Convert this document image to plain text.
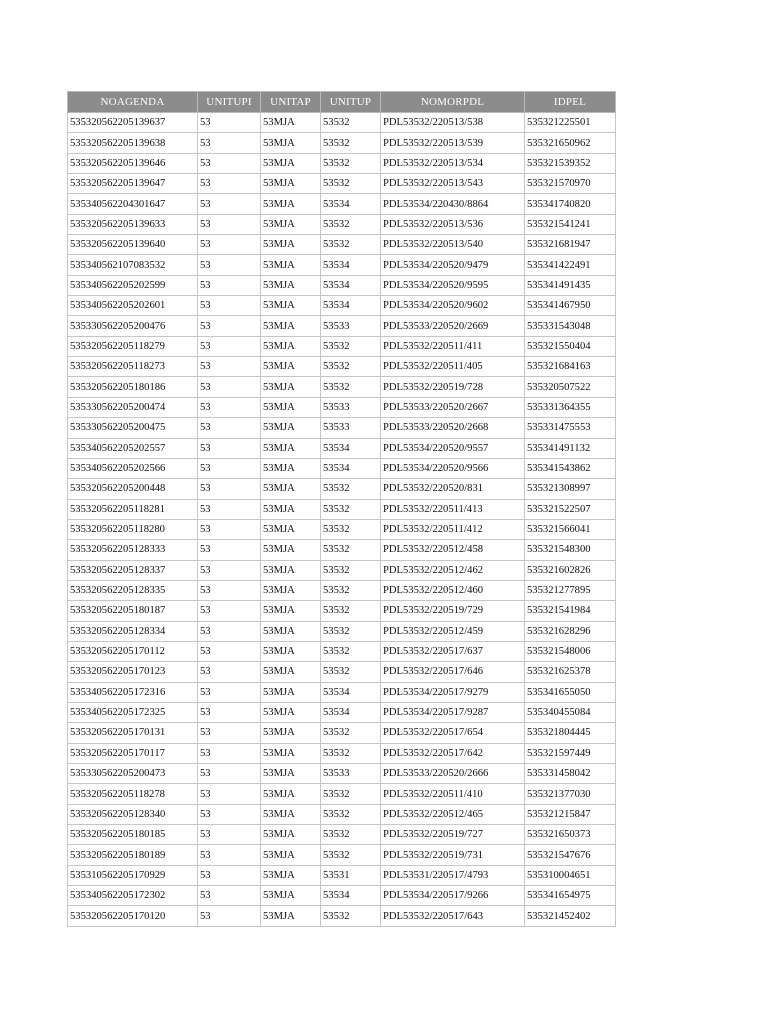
NOAGENDA	UNITUPI	UNITAP	UNITUP	NOMORPDL	IDPEL
535320562205139637	53	53MJA	53532	PDL53532/220513/538	535321225501
535320562205139638	53	53MJA	53532	PDL53532/220513/539	535321650962
535320562205139646	53	53MJA	53532	PDL53532/220513/534	535321539352
535320562205139647	53	53MJA	53532	PDL53532/220513/543	535321570970
535340562204301647	53	53MJA	53534	PDL53534/220430/8864	535341740820
535320562205139633	53	53MJA	53532	PDL53532/220513/536	535321541241
535320562205139640	53	53MJA	53532	PDL53532/220513/540	535321681947
535340562107083532	53	53MJA	53534	PDL53534/220520/9479	535341422491
535340562205202599	53	53MJA	53534	PDL53534/220520/9595	535341491435
535340562205202601	53	53MJA	53534	PDL53534/220520/9602	535341467950
535330562205200476	53	53MJA	53533	PDL53533/220520/2669	535331543048
535320562205118279	53	53MJA	53532	PDL53532/220511/411	535321550404
535320562205118273	53	53MJA	53532	PDL53532/220511/405	535321684163
535320562205180186	53	53MJA	53532	PDL53532/220519/728	535320507522
535330562205200474	53	53MJA	53533	PDL53533/220520/2667	535331364355
535330562205200475	53	53MJA	53533	PDL53533/220520/2668	535331475553
535340562205202557	53	53MJA	53534	PDL53534/220520/9557	535341491132
535340562205202566	53	53MJA	53534	PDL53534/220520/9566	535341543862
535320562205200448	53	53MJA	53532	PDL53532/220520/831	535321308997
535320562205118281	53	53MJA	53532	PDL53532/220511/413	535321522507
535320562205118280	53	53MJA	53532	PDL53532/220511/412	535321566041
535320562205128333	53	53MJA	53532	PDL53532/220512/458	535321548300
535320562205128337	53	53MJA	53532	PDL53532/220512/462	535321602826
535320562205128335	53	53MJA	53532	PDL53532/220512/460	535321277895
535320562205180187	53	53MJA	53532	PDL53532/220519/729	535321541984
535320562205128334	53	53MJA	53532	PDL53532/220512/459	535321628296
535320562205170112	53	53MJA	53532	PDL53532/220517/637	535321548006
535320562205170123	53	53MJA	53532	PDL53532/220517/646	535321625378
535340562205172316	53	53MJA	53534	PDL53534/220517/9279	535341655050
535340562205172325	53	53MJA	53534	PDL53534/220517/9287	535340455084
535320562205170131	53	53MJA	53532	PDL53532/220517/654	535321804445
535320562205170117	53	53MJA	53532	PDL53532/220517/642	535321597449
535330562205200473	53	53MJA	53533	PDL53533/220520/2666	535331458042
535320562205118278	53	53MJA	53532	PDL53532/220511/410	535321377030
535320562205128340	53	53MJA	53532	PDL53532/220512/465	535321215847
535320562205180185	53	53MJA	53532	PDL53532/220519/727	535321650373
535320562205180189	53	53MJA	53532	PDL53532/220519/731	535321547676
535310562205170929	53	53MJA	53531	PDL53531/220517/4793	535310004651
535340562205172302	53	53MJA	53534	PDL53534/220517/9266	535341654975
535320562205170120	53	53MJA	53532	PDL53532/220517/643	535321452402
